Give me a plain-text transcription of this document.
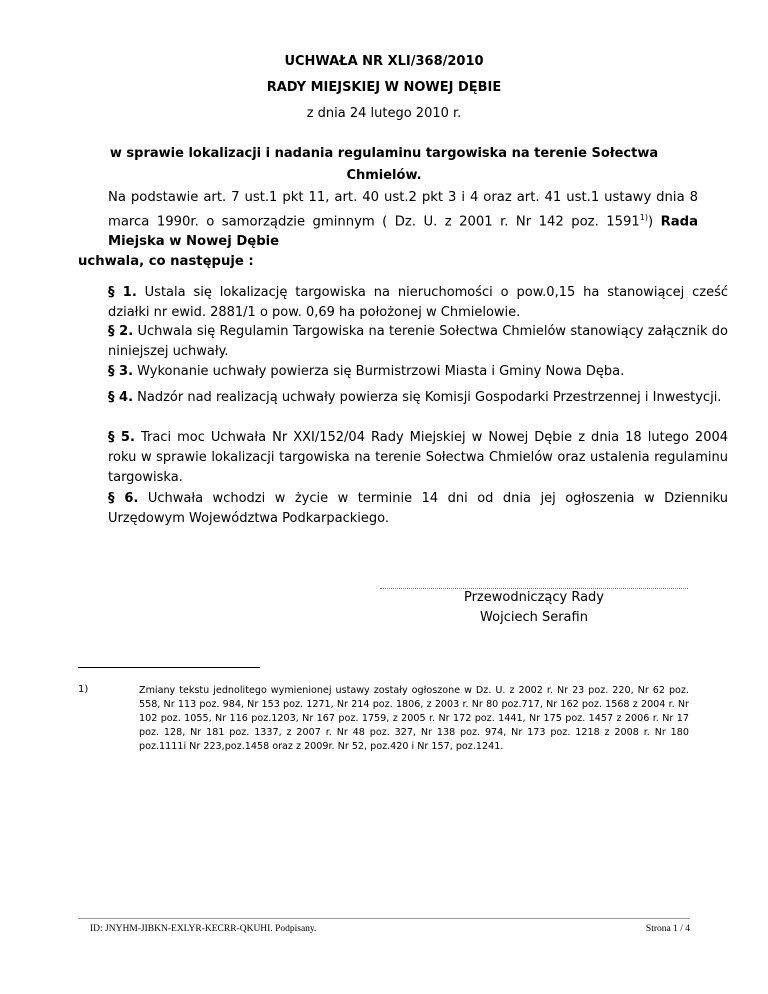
UCHWAŁA NR XLI/368/2010
RADY MIEJSKIEJ W NOWEJ DĘBIE
z dnia 24 lutego 2010 r.
w sprawie lokalizacji i nadania regulaminu targowiska na terenie Sołectwa Chmielów.
Na podstawie art. 7 ust.1 pkt 11, art. 40 ust.2 pkt 3 i 4 oraz art. 41 ust.1 ustawy dnia 8 marca 1990r. o samorządzie gminnym ( Dz. U. z 2001 r. Nr 142 poz. 1591$^{1)}$) Rada Miejska w Nowej Dębie
uchwala, co następuje :
§ 1. Ustala się lokalizację targowiska na nieruchomości o pow.0,15 ha stanowiącej cześć działki nr ewid. 2881/1 o pow. 0,69 ha położonej w Chmielowie.
§ 2. Uchwala się Regulamin Targowiska na terenie Sołectwa Chmielów stanowiący załącznik do niniejszej uchwały.
§ 3. Wykonanie uchwały powierza się Burmistrzowi Miasta i Gminy Nowa Dęba.
§ 4. Nadzór nad realizacją uchwały powierza się Komisji Gospodarki Przestrzennej i Inwestycji.
§ 5. Traci moc Uchwała Nr XXI/152/04 Rady Miejskiej w Nowej Dębie z dnia 18 lutego 2004 roku w sprawie lokalizacji targowiska na terenie Sołectwa Chmielów oraz ustalenia regulaminu targowiska.
§ 6. Uchwała wchodzi w życie w terminie 14 dni od dnia jej ogłoszenia w Dzienniku Urzędowym Województwa Podkarpackiego.
Przewodniczący Rady
Wojciech Serafin
1)	Zmiany tekstu jednolitego wymienionej ustawy zostały ogłoszone w Dz. U. z 2002 r. Nr 23 poz. 220, Nr 62 poz. 558, Nr 113 poz. 984, Nr 153 poz. 1271, Nr 214 poz. 1806, z 2003 r. Nr 80 poz.717, Nr 162 poz. 1568 z 2004 r. Nr 102 poz. 1055, Nr 116 poz.1203, Nr 167 poz. 1759, z 2005 r. Nr 172 poz. 1441, Nr 175 poz. 1457 z 2006 r. Nr 17 poz. 128, Nr 181 poz. 1337, z 2007 r. Nr 48 poz. 327, Nr 138 poz. 974, Nr 173 poz. 1218 z 2008 r. Nr 180 poz.1111i Nr 223,poz.1458 oraz z 2009r. Nr 52, poz.420 i Nr 157, poz.1241.
ID: JNYHM-JIBKN-EXLYR-KECRR-QKUHI. Podpisany.	Strona 1 / 4
